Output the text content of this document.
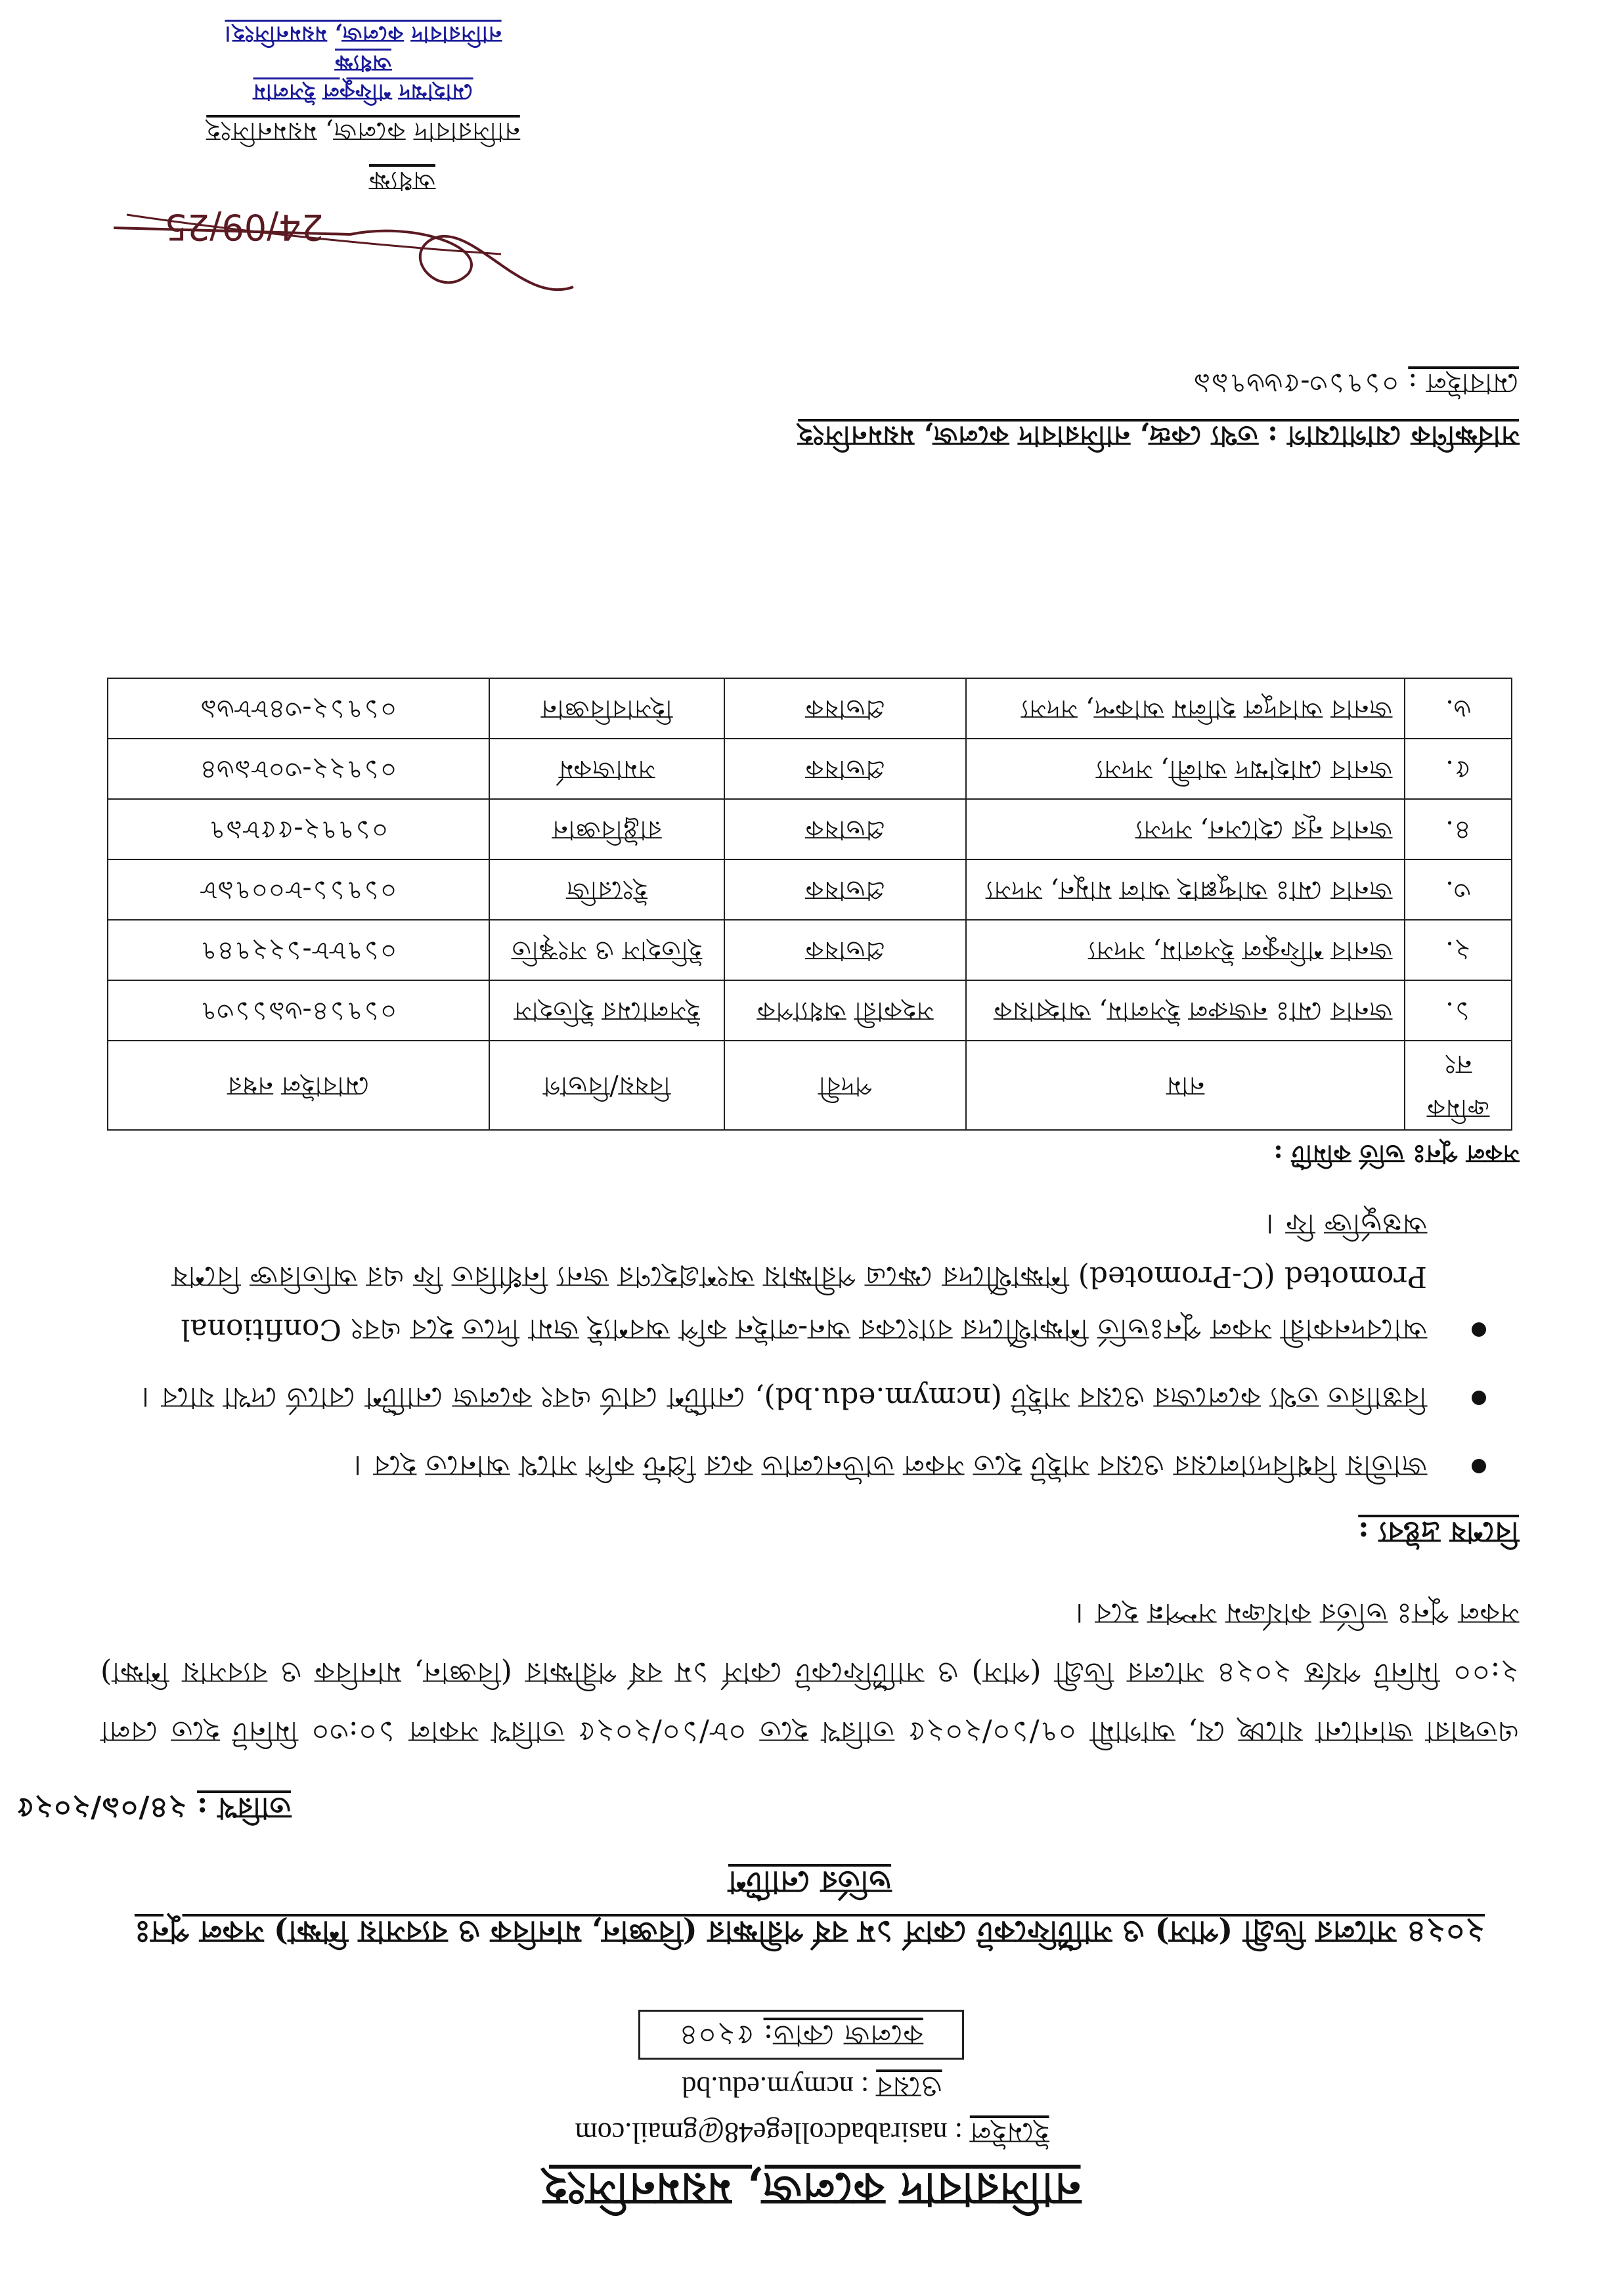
নাসিরাবাদ কলেজ, ময়মনসিংহ
ইমেইল : nasirabadcollege48@gmail.com
ওয়েব : ncmym.edu.bd
কলেজ কোড: ৫২০৪
২০২৪ সালের ডিগ্রী (পাস) ও সার্টিফিকেট কোর্স ১ম বর্ষ পরীক্ষার (বিজ্ঞান, মানবিক ও ব্যবসায় শিক্ষা) সকল পুনঃ ভর্তির নোটিশ
তারিখ : ২৪/০৯/২০২৫
এতদ্বারা জানানো যাচ্ছে যে, আগামী ০৭/১০/২০২৫ তারিখ হতে ০৮/১০/২০২৫ তারিখ সকাল ১০:৩০ মিনিট হতে বেলা ২:০০ মিনিট পর্যন্ত ২০২৪ সালের ডিগ্রী (পাস) ও সার্টিফিকেট কোর্স ১ম বর্ষ পরীক্ষার (বিজ্ঞান, মানবিক ও ব্যবসায় শিক্ষা) সকল পুনঃ ভর্তির কার্যক্রম সম্পন্ন হবে ।
বিশেষ দ্রষ্টব্য :
জাতীয় বিশ্ববিদ্যালয়ের ওয়েব সাইট হতে সকল ডাউনলোড করে প্রিন্ট কপি সাথে আনতে হবে ।
বিস্তারিত তথ্য কলেজের ওয়েব সাইট (ncmym.edu.bd), নোটিশ বোর্ড এবং কলেজ নোটিশ বোর্ডে দেখা যাবে ।
আবেদনকারী সকল পুনঃভর্তি শিক্ষার্থীদের ব্যাংকের অন-লাইন কপি অবশ্যই জমা দিতে হবে এবং Confitional Promoted (C-Promoted) শিক্ষার্থীদের ক্ষেত্রে পরীক্ষায় অংশগ্রহণের জন্য নির্ধারিত ফি এর অতিরিক্ত বিশেষ অন্তর্ভুক্তি ফি ।
সকল পুনঃ ভর্তি কমিটি :
ক্রমিক নং	নাম	পদবী	বিষয়/বিভাগ	মোবাইল নম্বর
১.	জনাব মোঃ নজরুল ইসলাম, আহ্বায়ক	সহকারী অধ্যাপক	ইসলামের ইতিহাস	০১৭১৪-৬৯১১৩৭
২.	জনাব শফিকুল ইসলাম, সদস্য	প্রভাষক	ইতিহাস ও সংস্কৃতি	০১৭৮৮-১২২৭৪৭
৩.	জনাব মোঃ আব্দুল্লাহ আল মামুন, সদস্য	প্রভাষক	ইংরেজি	০১৭১১-৮০০৭৯৮
৪.	জনাব নূর হোসেন, সদস্য	প্রভাষক	রাষ্ট্রবিজ্ঞান	০১৭৭২-৫৫৮৯৭
৫.	জনাব মোহাম্মদ আলী, সদস্য	প্রভাষক	সমাজকর্ম	০১৭২২-৩০৮৯৬৪
৬.	জনাব আবদুল হালিম আকন্দ, সদস্য	প্রভাষক	হিসাববিজ্ঞান	০১৭১২-৩৪৮৮৬৯
সার্বক্ষণিক যোগাযোগ : তথ্য কেন্দ্র, নাসিরাবাদ কলেজ, ময়মনসিংহ
মোবাইল : ০১৭১৩-৫৬৬৭৯৯
24/09/25
অধ্যক্ষ
নাসিরাবাদ কলেজ, ময়মনসিংহ
মোহাম্মদ শফিকুল ইসলাম
অধ্যক্ষ
নাসিরাবাদ কলেজ, ময়মনসিংহ।
